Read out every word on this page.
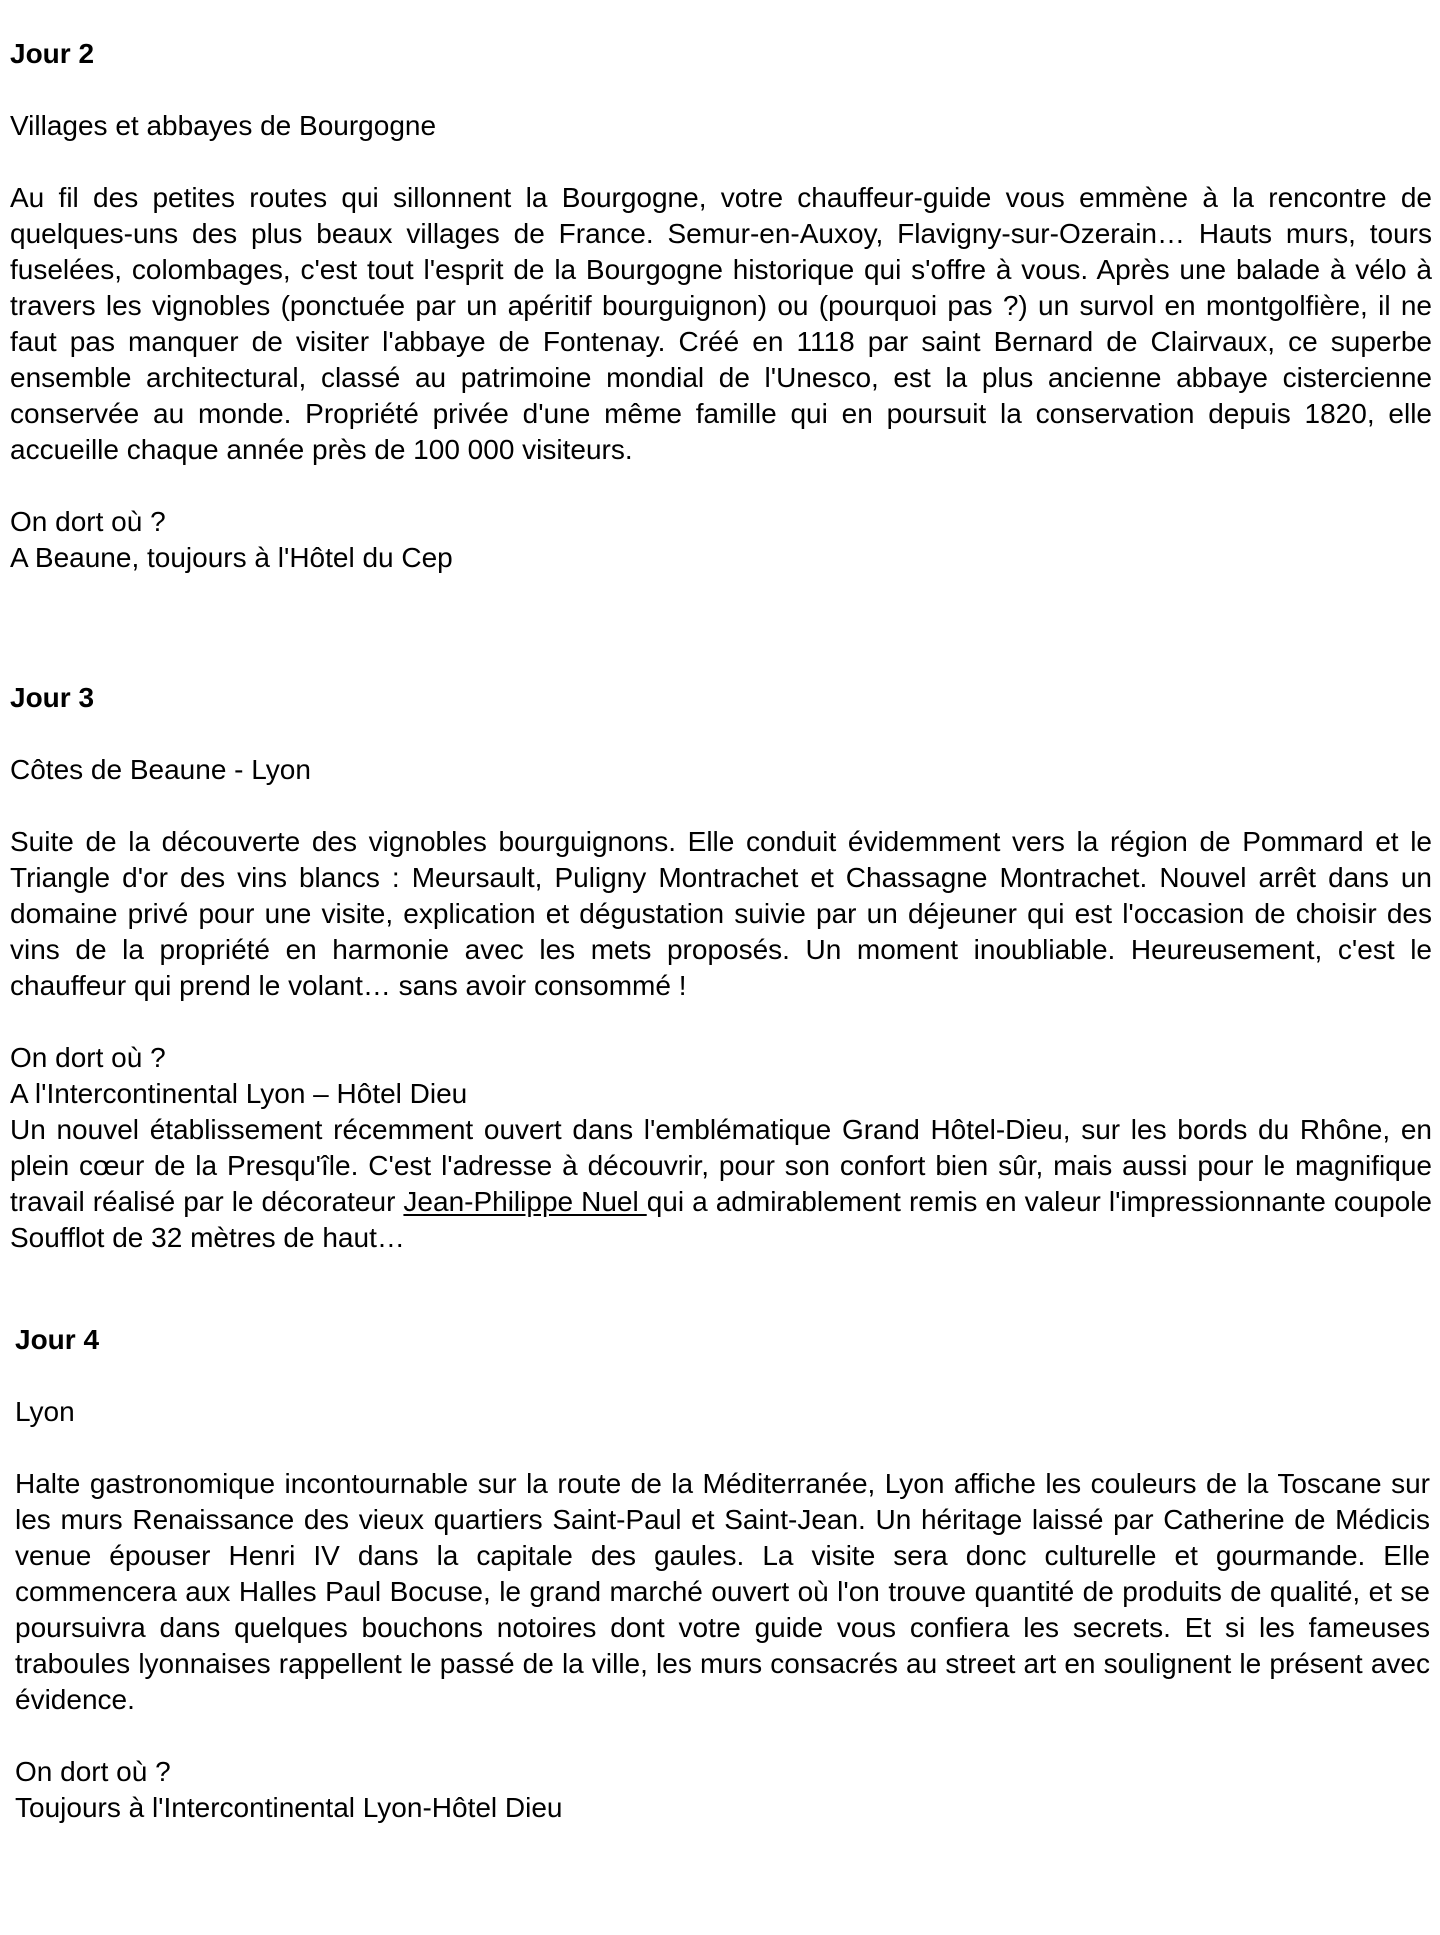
Jour 2
Villages et abbayes de Bourgogne
Au fil des petites routes qui sillonnent la Bourgogne, votre chauffeur-guide vous emmène à la rencontre de quelques-uns des plus beaux villages de France. Semur-en-Auxoy, Flavigny-sur-Ozerain… Hauts murs, tours fuselées, colombages, c'est tout l'esprit de la Bourgogne historique qui s'offre à vous. Après une balade à vélo à travers les vignobles (ponctuée par un apéritif bourguignon) ou (pourquoi pas ?) un survol en montgolfière, il ne faut pas manquer de visiter l'abbaye de Fontenay. Créé en 1118 par saint Bernard de Clairvaux, ce superbe ensemble architectural, classé au patrimoine mondial de l'Unesco, est la plus ancienne abbaye cistercienne conservée au monde. Propriété privée d'une même famille qui en poursuit la conservation depuis 1820, elle accueille chaque année près de 100 000 visiteurs.
On dort où ?
A Beaune, toujours à l'Hôtel du Cep
Jour 3
Côtes de Beaune - Lyon
Suite de la découverte des vignobles bourguignons. Elle conduit évidemment vers la région de Pommard et le Triangle d'or des vins blancs : Meursault, Puligny Montrachet et Chassagne Montrachet. Nouvel arrêt dans un domaine privé pour une visite, explication et dégustation suivie par un déjeuner qui est l'occasion de choisir des vins de la propriété en harmonie avec les mets proposés. Un moment inoubliable. Heureusement, c'est le chauffeur qui prend le volant… sans avoir consommé !
On dort où ?
A l'Intercontinental Lyon – Hôtel Dieu
Un nouvel établissement récemment ouvert dans l'emblématique Grand Hôtel-Dieu, sur les bords du Rhône, en plein cœur de la Presqu'île. C'est l'adresse à découvrir, pour son confort bien sûr, mais aussi pour le magnifique travail réalisé par le décorateur Jean-Philippe Nuel qui a admirablement remis en valeur l'impressionnante coupole Soufflot de 32 mètres de haut…
Jour 4
Lyon
Halte gastronomique incontournable sur la route de la Méditerranée, Lyon affiche les couleurs de la Toscane sur les murs Renaissance des vieux quartiers Saint-Paul et Saint-Jean. Un héritage laissé par Catherine de Médicis venue épouser Henri IV dans la capitale des gaules. La visite sera donc culturelle et gourmande. Elle commencera aux Halles Paul Bocuse, le grand marché ouvert où l'on trouve quantité de produits de qualité, et se poursuivra dans quelques bouchons notoires dont votre guide vous confiera les secrets. Et si les fameuses traboules lyonnaises rappellent le passé de la ville, les murs consacrés au street art en soulignent le présent avec évidence.
On dort où ?
Toujours à l'Intercontinental Lyon-Hôtel Dieu
